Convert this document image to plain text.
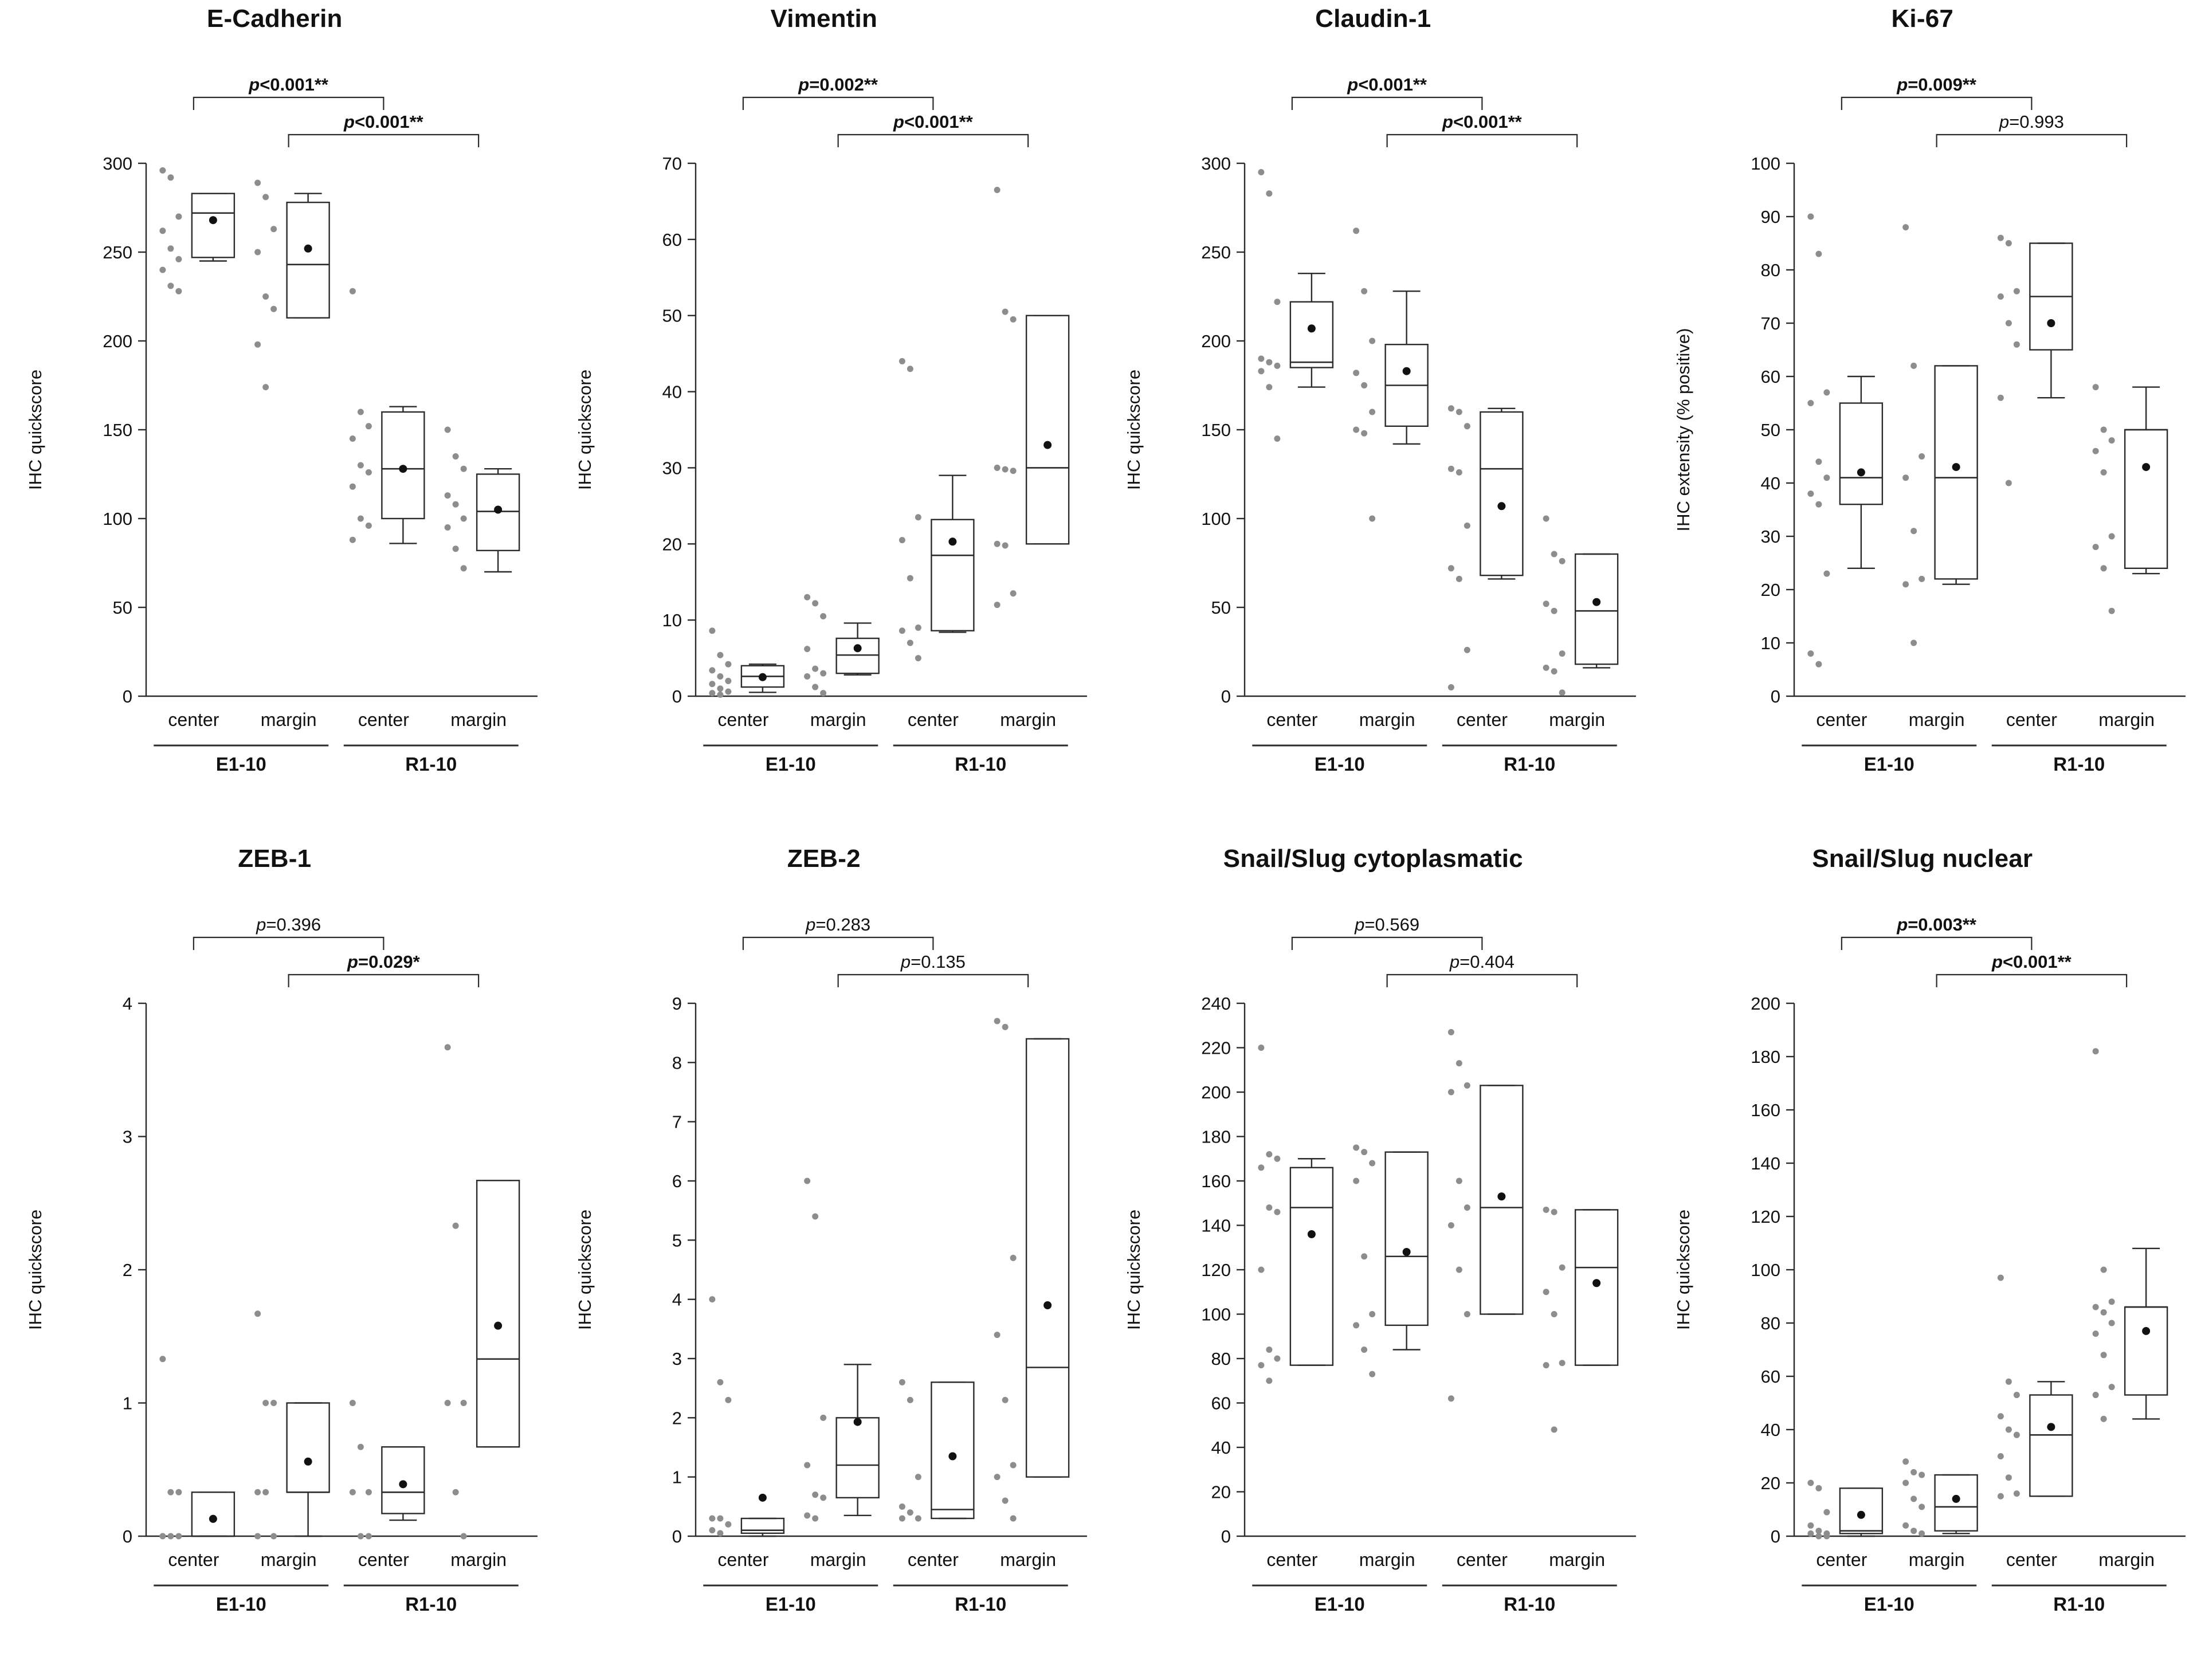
E-Cadherin
0
50
100
150
200
250
300
IHC quickscore
center margin center margin
E1-10	R1-10
p<0.001**
p<0.001**
Vimentin
0
10
20
30
40
50
60
70
IHC quickscore
center margin center margin
E1-10	R1-10
p=0.002**
p<0.001**
Claudin-1
0
50
100
150
200
250
300
IHC quickscore
center margin center margin
E1-10	R1-10
p<0.001**
p<0.001**
Ki-67
0
10
20
30
40
50
60
70
80
90
100
IHC extensity (% positive)
center margin center margin
E1-10	R1-10
p=0.009**
p=0.993
ZEB-1
0
1
2
3
4
IHC quickscore
center margin center margin
E1-10	R1-10
p=0.396
p=0.029*
ZEB-2
0
1
2
3
4
5
6
7
8
9
IHC quickscore
center margin center margin
E1-10	R1-10
p=0.283
p=0.135
Snail/Slug cytoplasmatic
0
20
40
60
80
100
120
140
160
180
200
220
240
IHC quickscore
center margin center margin
E1-10	R1-10
p=0.569
p=0.404
Snail/Slug nuclear
0
20
40
60
80
100
120
140
160
180
200
IHC quickscore
center margin center margin
E1-10	R1-10
p=0.003**
p<0.001**
